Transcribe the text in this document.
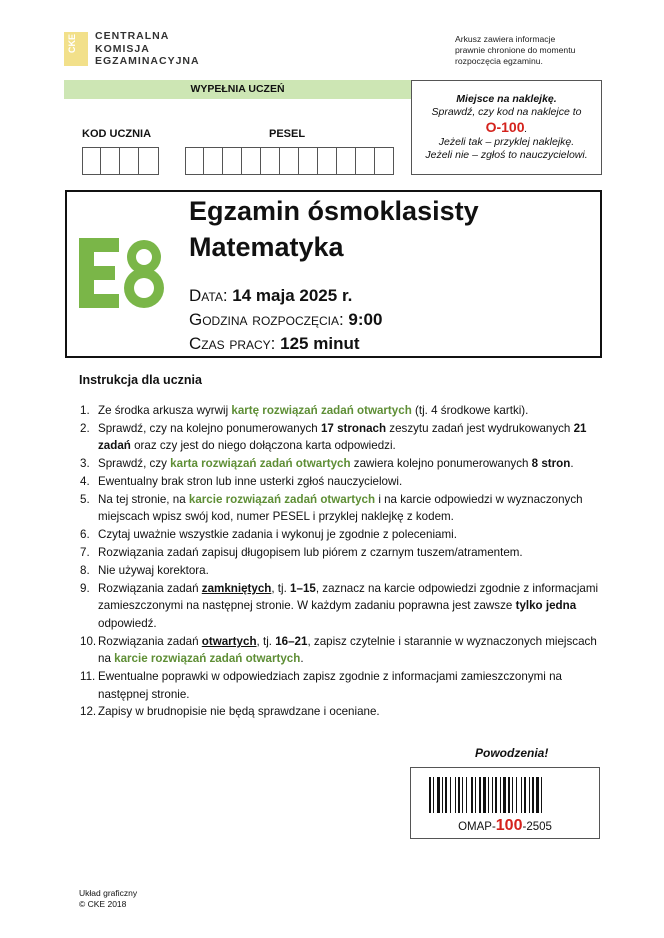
CKE CENTRALNA
KOMISJA
EGZAMINACYJNA
Arkusz zawiera informacje
prawnie chronione do momentu
rozpoczęcia egzaminu.
WYPEŁNIA UCZEŃ
KOD UCZNIA	PESEL
Miejsce na naklejkę.
Sprawdź, czy kod na naklejce to
O-100.
Jeżeli tak – przyklej naklejkę.
Jeżeli nie – zgłoś to nauczycielowi.
Egzamin ósmoklasisty
Matematyka
Data: 14 maja 2025 r.
Godzina rozpoczęcia: 9:00
Czas pracy: 125 minut
Instrukcja dla ucznia
1. Ze środka arkusza wyrwij kartę rozwiązań zadań otwartych (tj. 4 środkowe kartki).
2. Sprawdź, czy na kolejno ponumerowanych 17 stronach zeszytu zadań jest wydrukowanych 21 zadań oraz czy jest do niego dołączona karta odpowiedzi.
3. Sprawdź, czy karta rozwiązań zadań otwartych zawiera kolejno ponumerowanych 8 stron.
4. Ewentualny brak stron lub inne usterki zgłoś nauczycielowi.
5. Na tej stronie, na karcie rozwiązań zadań otwartych i na karcie odpowiedzi w wyznaczonych miejscach wpisz swój kod, numer PESEL i przyklej naklejkę z kodem.
6. Czytaj uważnie wszystkie zadania i wykonuj je zgodnie z poleceniami.
7. Rozwiązania zadań zapisuj długopisem lub piórem z czarnym tuszem/atramentem.
8. Nie używaj korektora.
9. Rozwiązania zadań zamkniętych, tj. 1–15, zaznacz na karcie odpowiedzi zgodnie z informacjami zamieszczonymi na następnej stronie. W każdym zadaniu poprawna jest zawsze tylko jedna odpowiedź.
10. Rozwiązania zadań otwartych, tj. 16–21, zapisz czytelnie i starannie w wyznaczonych miejscach na karcie rozwiązań zadań otwartych.
11. Ewentualne poprawki w odpowiedziach zapisz zgodnie z informacjami zamieszczonymi na następnej stronie.
12. Zapisy w brudnopisie nie będą sprawdzane i oceniane.
Powodzenia!
OMAP-100-2505
Układ graficzny
© CKE 2018
